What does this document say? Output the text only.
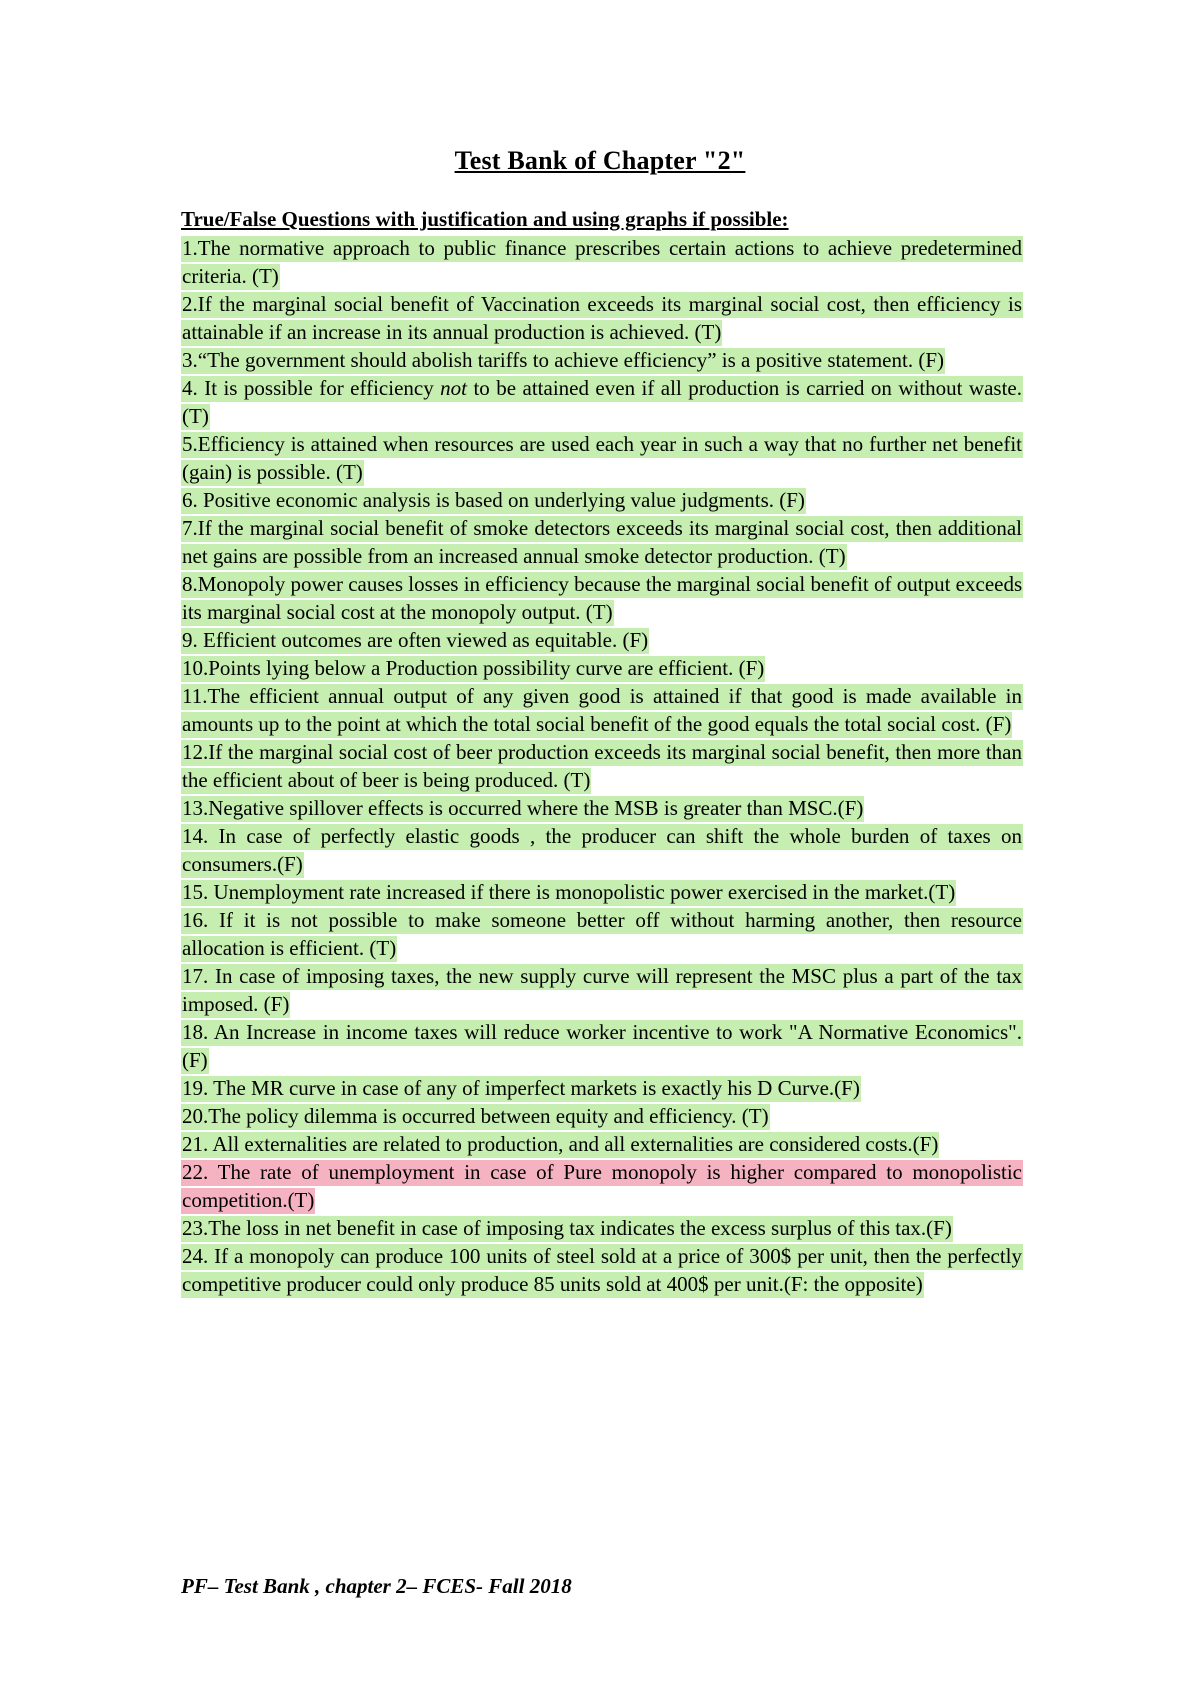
Test Bank of Chapter "2"

True/False Questions with justification and using graphs if possible:

1.The normative approach to public finance prescribes certain actions to achieve predetermined criteria. (T)

2.If the marginal social benefit of Vaccination exceeds its marginal social cost, then efficiency is attainable if an increase in its annual production is achieved. (T)

3.“The government should abolish tariffs to achieve efficiency” is a positive statement. (F)

4. It is possible for efficiency not to be attained even if all production is carried on without waste. (T)

5.Efficiency is attained when resources are used each year in such a way that no further net benefit (gain) is possible. (T)

6. Positive economic analysis is based on underlying value judgments. (F)

7.If the marginal social benefit of smoke detectors exceeds its marginal social cost, then additional net gains are possible from an increased annual smoke detector production. (T)

8.Monopoly power causes losses in efficiency because the marginal social benefit of output exceeds its marginal social cost at the monopoly output. (T)

9. Efficient outcomes are often viewed as equitable. (F)

10.Points lying below a Production possibility curve are efficient. (F)

11.The efficient annual output of any given good is attained if that good is made available in amounts up to the point at which the total social benefit of the good equals the total social cost. (F)

12.If the marginal social cost of beer production exceeds its marginal social benefit, then more than the efficient about of beer is being produced. (T)

13.Negative spillover effects is occurred where the MSB is greater than MSC.(F)

14. In case of perfectly elastic goods , the producer can shift the whole burden of taxes on consumers.(F)

15. Unemployment rate increased if there is monopolistic power exercised in the market.(T)

16. If it is not possible to make someone better off without harming another, then resource allocation is efficient. (T)

17. In case of imposing taxes, the new supply curve will represent the MSC plus a part of the tax imposed. (F)

18. An Increase in income taxes will reduce worker incentive to work "A Normative Economics".(F)

19. The MR curve in case of any of imperfect markets is exactly his D Curve.(F)

20.The policy dilemma is occurred between equity and efficiency. (T)

21. All externalities are related to production, and all externalities are considered costs.(F)

22. The rate of unemployment in case of Pure monopoly is higher compared to monopolistic competition.(T)

23.The loss in net benefit in case of imposing tax indicates the excess surplus of this tax.(F)

24. If a monopoly can produce 100 units of steel sold at a price of 300$ per unit, then the perfectly competitive producer could only produce 85 units sold at 400$ per unit.(F: the opposite)

PF– Test Bank , chapter 2– FCES- Fall 2018
